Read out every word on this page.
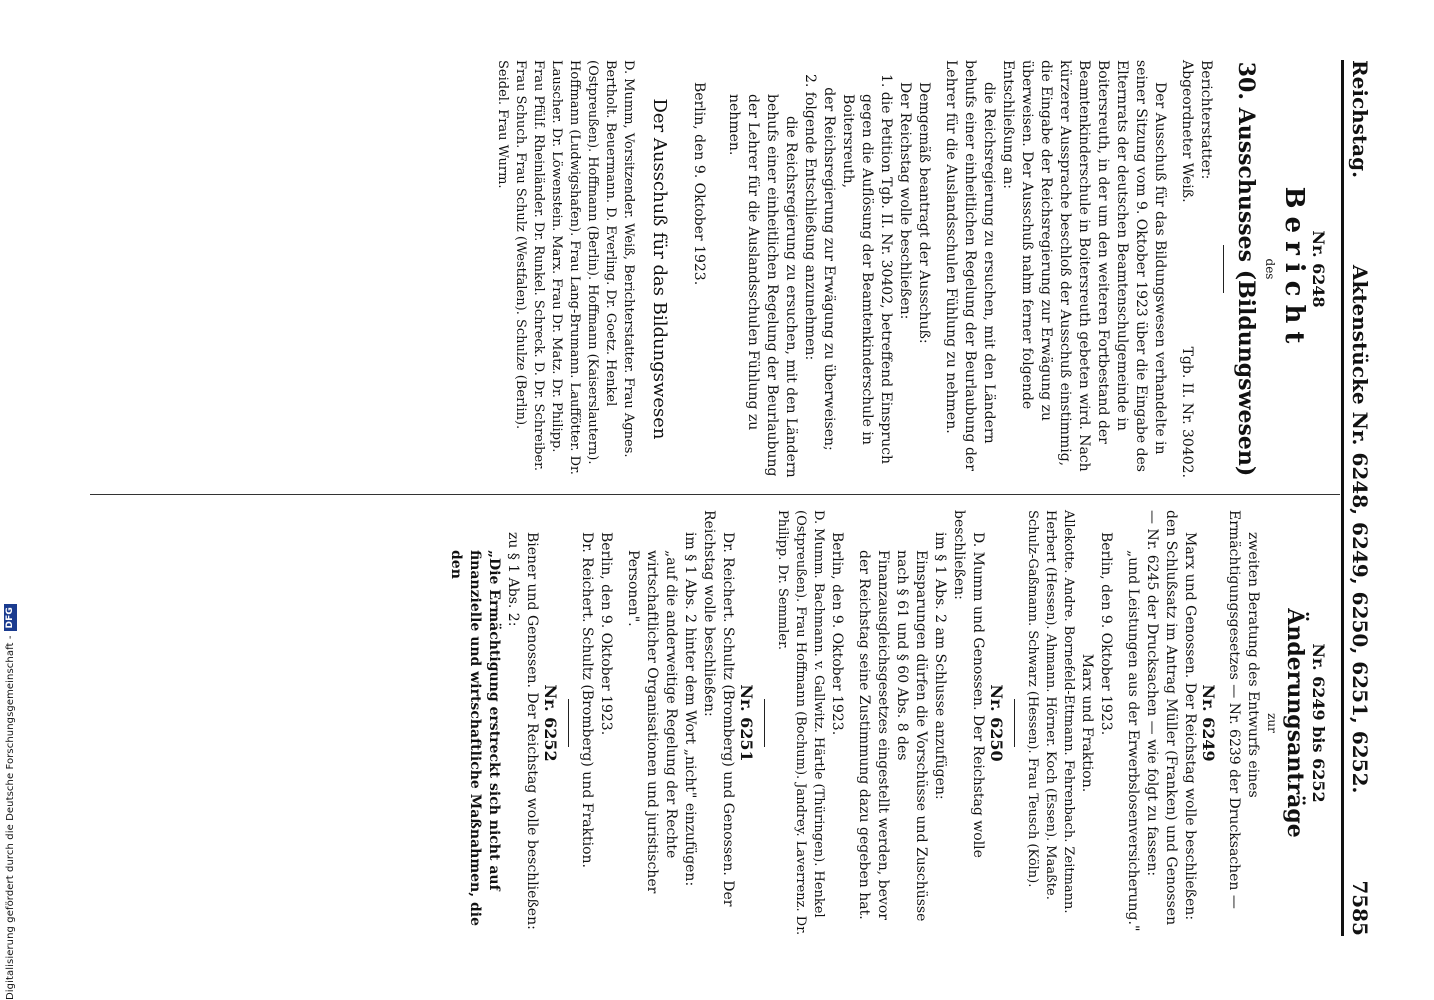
Reichstag.
Aktenstücke Nr. 6248, 6249, 6250, 6251, 6252.
7585

Nr. 6248

Bericht

des

30. Ausschusses (Bildungswesen)

Berichterstatter:

Abgeordneter Weiß.
Tgb. II. Nr. 30402.

Der Ausschuß für das Bildungswesen verhandelte in seiner Sitzung vom 9. Oktober 1923 über die Eingabe des Elternrats der deutschen Beamtenschulgemeinde in Boitersreuth, in der um den weiteren Fortbestand der Beamtenkinderschule in Boitersreuth gebeten wird. Nach kürzerer Aussprache beschloß der Ausschuß einstimmig, die Eingabe der Reichsregierung zur Erwägung zu überweisen. Der Ausschuß nahm ferner folgende Entschließung an:

die Reichsregierung zu ersuchen, mit den Ländern behufs einer einheitlichen Regelung der Beurlaubung der Lehrer für die Auslandsschulen Fühlung zu nehmen.

Demgemäß beantragt der Ausschuß:

Der Reichstag wolle beschließen:

1. die Petition Tgb. II. Nr. 30402, betreffend Einspruch gegen die Auflösung der Beamtenkinderschule in Boitersreuth,

der Reichsregierung zur Erwägung zu überweisen;

2. folgende Entschließung anzunehmen:

die Reichsregierung zu ersuchen, mit den Ländern behufs einer einheitlichen Regelung der Beurlaubung der Lehrer für die Auslandsschulen Fühlung zu nehmen.

Berlin, den 9. Oktober 1923.

Der Ausschuß für das Bildungswesen

D. Mumm, Vorsitzender. Weiß, Berichterstatter. Frau Agnes. Bertholt. Beuermann. D. Everling. Dr. Goetz. Henkel (Ostpreußen). Hoffmann (Berlin). Hoffmann (Kaiserslautern). Hoffmann (Ludwigshafen). Frau Lang-Brumann. Lauffötter. Dr. Lauscher. Dr. Löwenstein. Marx. Frau Dr. Matz. Dr. Philipp. Frau Pfülf. Rheinländer. Dr. Runkel. Schreck. D. Dr. Schreiber. Frau Schuch. Frau Schulz (Westfalen). Schulze (Berlin). Seidel. Frau Wurm.

Nr. 6249 bis 6252

Änderungsanträge

zur

zweiten Beratung des Entwurfs eines Ermächtigungsgesetzes — Nr. 6239 der Drucksachen —

Nr. 6249

Marx und Genossen. Der Reichstag wolle beschließen: den Schlußsatz im Antrag Müller (Franken) und Genossen — Nr. 6245 der Drucksachen — wie folgt zu fassen:

„und Leistungen aus der Erwerbslosenversicherung."

Berlin, den 9. Oktober 1923.

Marx und Fraktion.

Allekotte. Andre. Bornefeld-Ettmann. Fehrenbach. Zeitmann. Herbert (Hessen). Ahmann. Hörner. Koch (Essen). Maaßte. Schulz-Gaßmann. Schwarz (Hessen). Frau Teusch (Köln).

Nr. 6250

D. Mumm und Genossen. Der Reichstag wolle beschließen:

im § 1 Abs. 2 am Schlusse anzufügen:

Einsparungen dürfen die Vorschüsse und Zuschüsse nach § 61 und § 60 Abs. 8 des Finanzausgleichsgesetzes eingestellt werden, bevor der Reichstag seine Zustimmung dazu gegeben hat.

Berlin, den 9. Oktober 1923.

D. Mumm. Bachmann. v. Gallwitz. Härtle (Thüringen). Henkel (Ostpreußen). Frau Hoffmann (Bochum). Jandrey. Laverrenz. Dr. Philipp. Dr. Semmler.

Nr. 6251

Dr. Reichert. Schultz (Bromberg) und Genossen. Der Reichstag wolle beschließen:

im § 1 Abs. 2 hinter dem Wort „nicht" einzufügen:

„auf die anderweitige Regelung der Rechte wirtschaftlicher Organisationen und juristischer Personen".

Berlin, den 9. Oktober 1923.

Dr. Reichert. Schultz (Bromberg) und Fraktion.

Nr. 6252

Biener und Genossen. Der Reichstag wolle beschließen:

zu § 1 Abs. 2:

„Die Ermächtigung erstreckt sich nicht auf finanzielle und wirtschaftliche Maßnahmen, die den

Digitalisierung gefördert durch die Deutsche Forschungsgemeinschaft -DFG
